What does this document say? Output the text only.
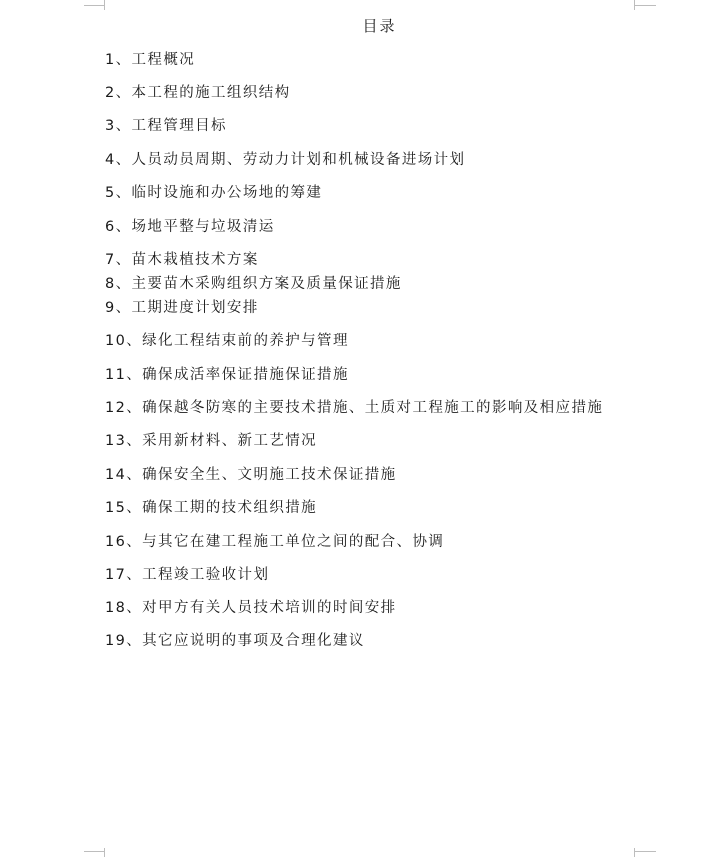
目录
1、工程概况
2、本工程的施工组织结构
3、工程管理目标
4、人员动员周期、劳动力计划和机械设备进场计划
5、临时设施和办公场地的筹建
6、场地平整与垃圾清运
7、苗木栽植技术方案
8、主要苗木采购组织方案及质量保证措施
9、工期进度计划安排
10、绿化工程结束前的养护与管理
11、确保成活率保证措施保证措施
12、确保越冬防寒的主要技术措施、土质对工程施工的影响及相应措施
13、采用新材料、新工艺情况
14、确保安全生、文明施工技术保证措施
15、确保工期的技术组织措施
16、与其它在建工程施工单位之间的配合、协调
17、工程竣工验收计划
18、对甲方有关人员技术培训的时间安排
19、其它应说明的事项及合理化建议
